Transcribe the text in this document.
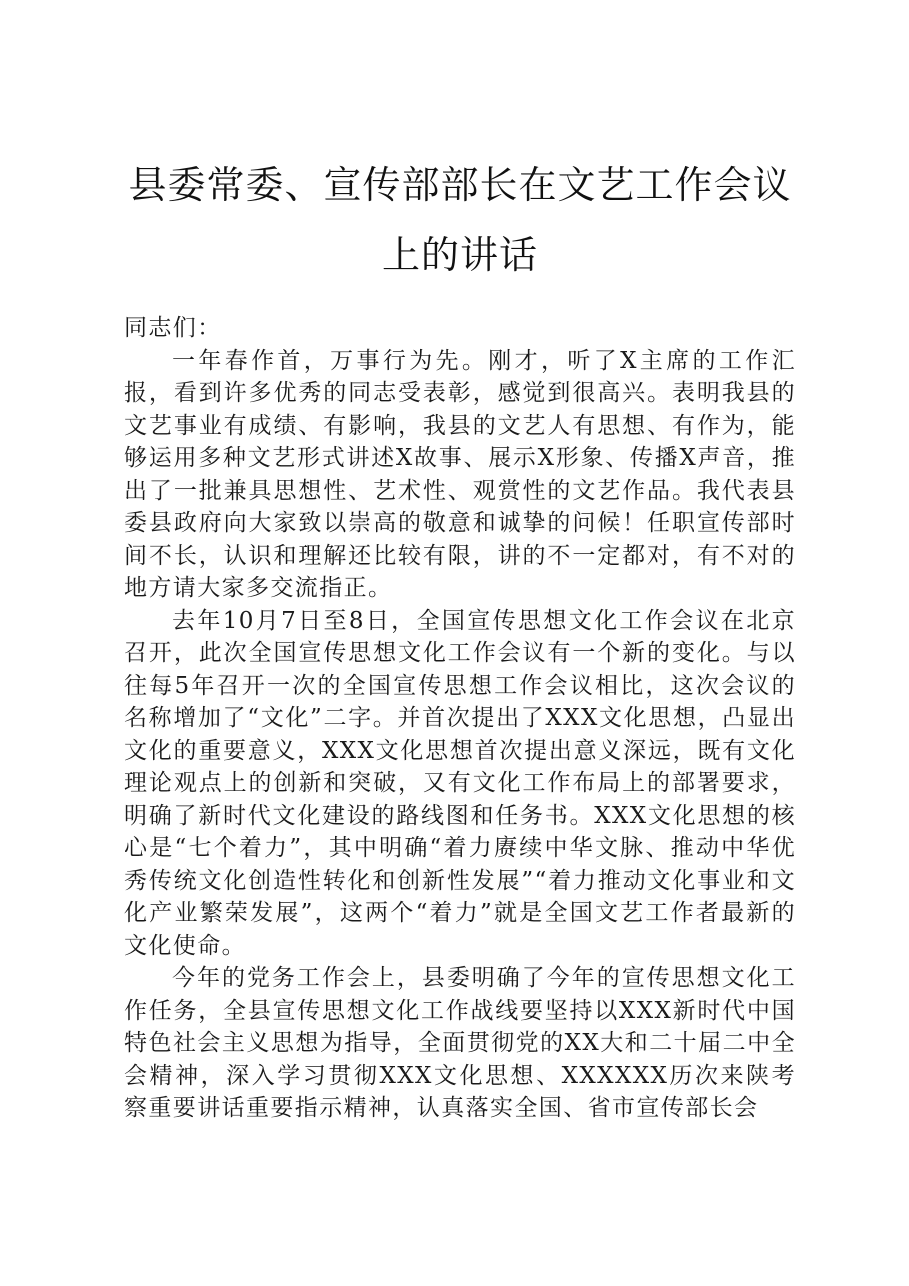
县委常委、宣传部部长在文艺工作会议上的讲话

同志们：

一年春作首，万事行为先。刚才，听了X主席的工作汇报，看到许多优秀的同志受表彰，感觉到很高兴。表明我县的文艺事业有成绩、有影响，我县的文艺人有思想、有作为，能够运用多种文艺形式讲述X故事、展示X形象、传播X声音，推出了一批兼具思想性、艺术性、观赏性的文艺作品。我代表县委县政府向大家致以崇高的敬意和诚挚的问候！任职宣传部时间不长，认识和理解还比较有限，讲的不一定都对，有不对的地方请大家多交流指正。

去年10月7日至8日，全国宣传思想文化工作会议在北京召开，此次全国宣传思想文化工作会议有一个新的变化。与以往每5年召开一次的全国宣传思想工作会议相比，这次会议的名称增加了“文化”二字。并首次提出了XXX文化思想，凸显出文化的重要意义，XXX文化思想首次提出意义深远，既有文化理论观点上的创新和突破，又有文化工作布局上的部署要求，明确了新时代文化建设的路线图和任务书。XXX文化思想的核心是“七个着力”，其中明确“着力赓续中华文脉、推动中华优秀传统文化创造性转化和创新性发展”“着力推动文化事业和文化产业繁荣发展”，这两个“着力”就是全国文艺工作者最新的文化使命。

今年的党务工作会上，县委明确了今年的宣传思想文化工作任务，全县宣传思想文化工作战线要坚持以XXX新时代中国特色社会主义思想为指导，全面贯彻党的XX大和二十届二中全会精神，深入学习贯彻XXX文化思想、XXXXXX历次来陕考察重要讲话重要指示精神，认真落实全国、省市宣传部长会
